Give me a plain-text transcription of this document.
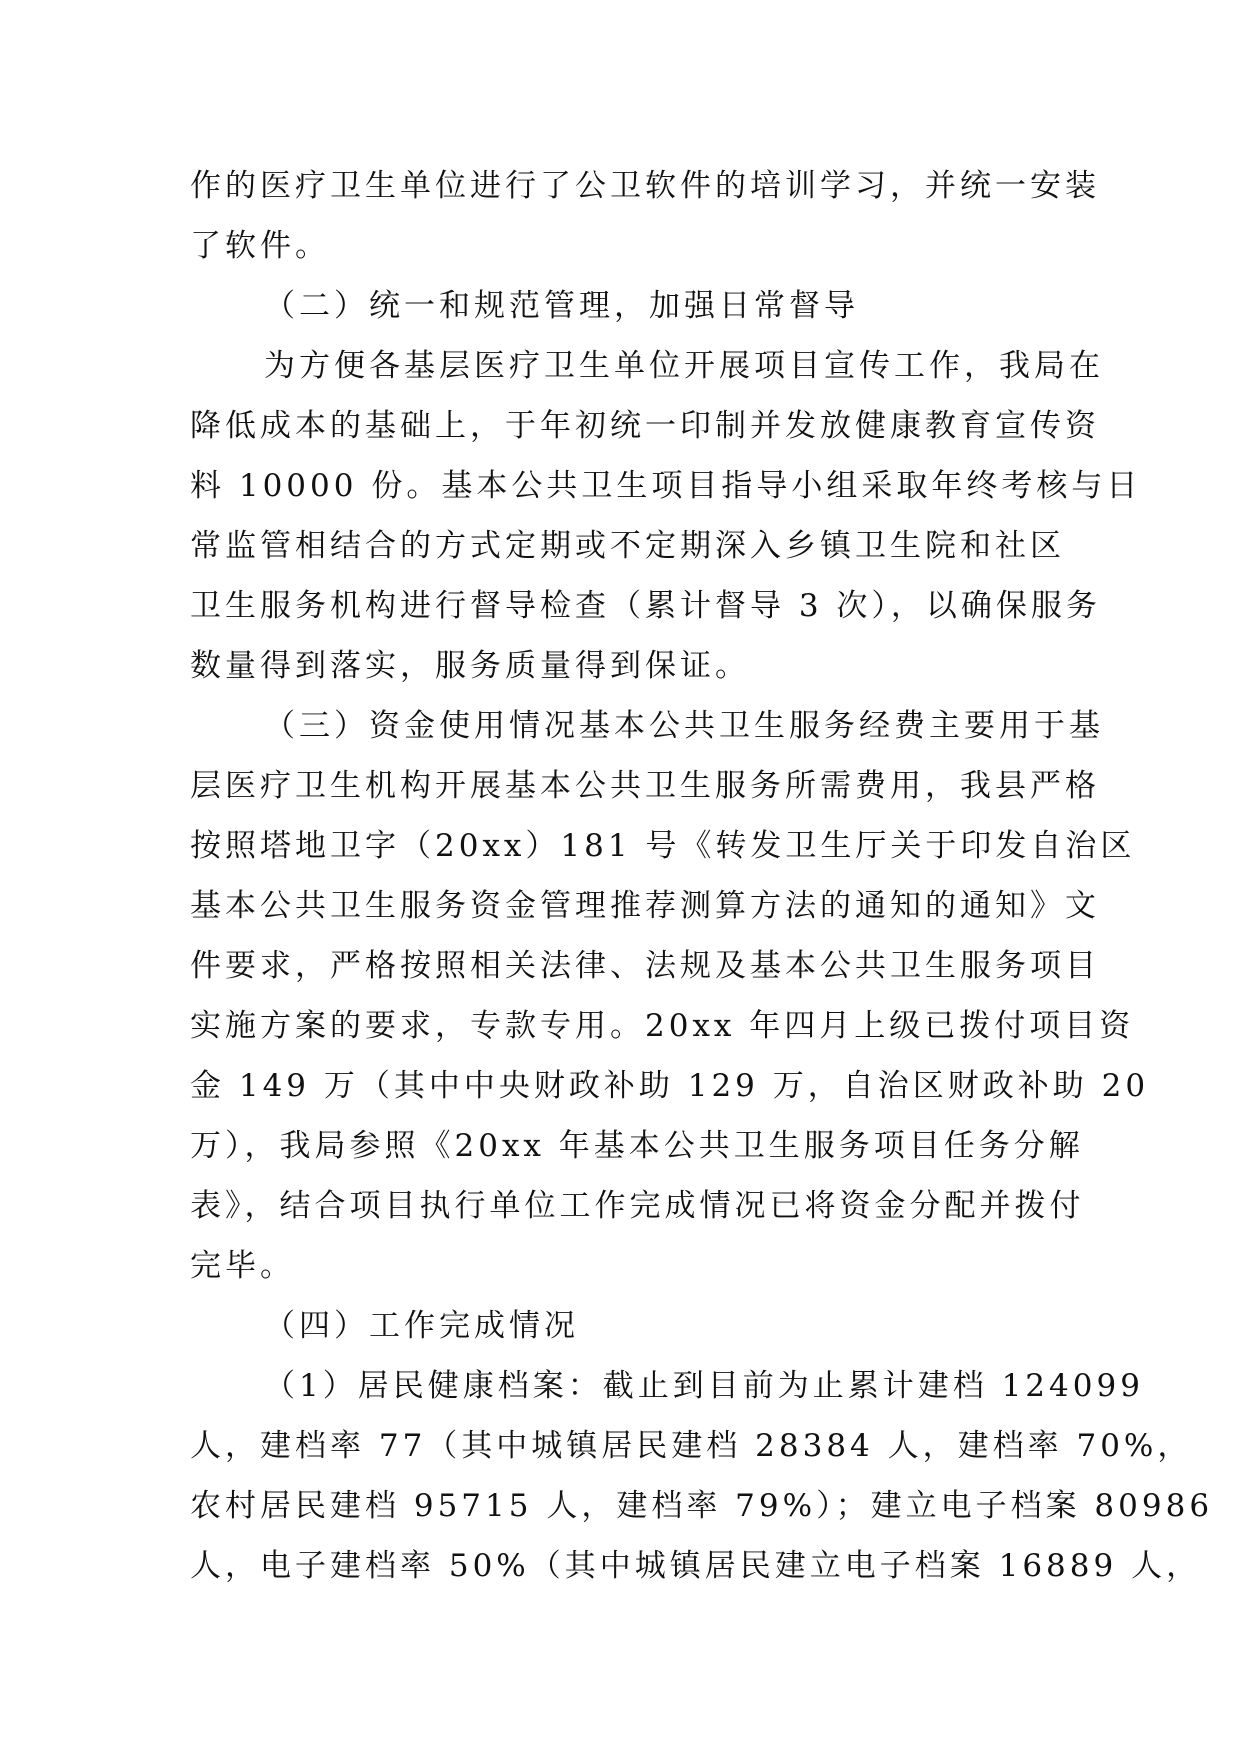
作的医疗卫生单位进行了公卫软件的培训学习，并统一安装
了软件。
（二）统一和规范管理，加强日常督导
为方便各基层医疗卫生单位开展项目宣传工作，我局在
降低成本的基础上，于年初统一印制并发放健康教育宣传资
料 10000 份。基本公共卫生项目指导小组采取年终考核与日
常监管相结合的方式定期或不定期深入乡镇卫生院和社区
卫生服务机构进行督导检查（累计督导 3 次），以确保服务
数量得到落实，服务质量得到保证。
（三）资金使用情况基本公共卫生服务经费主要用于基
层医疗卫生机构开展基本公共卫生服务所需费用，我县严格
按照塔地卫字（20xx）181 号《转发卫生厅关于印发自治区
基本公共卫生服务资金管理推荐测算方法的通知的通知》文
件要求，严格按照相关法律、法规及基本公共卫生服务项目
实施方案的要求，专款专用。20xx 年四月上级已拨付项目资
金 149 万（其中中央财政补助 129 万，自治区财政补助 20
万），我局参照《20xx 年基本公共卫生服务项目任务分解
表》，结合项目执行单位工作完成情况已将资金分配并拨付
完毕。
（四）工作完成情况
（1）居民健康档案：截止到目前为止累计建档 124099
人，建档率 77（其中城镇居民建档 28384 人，建档率 70%，
农村居民建档 95715 人，建档率 79%）；建立电子档案 80986
人，电子建档率 50%（其中城镇居民建立电子档案 16889 人，
